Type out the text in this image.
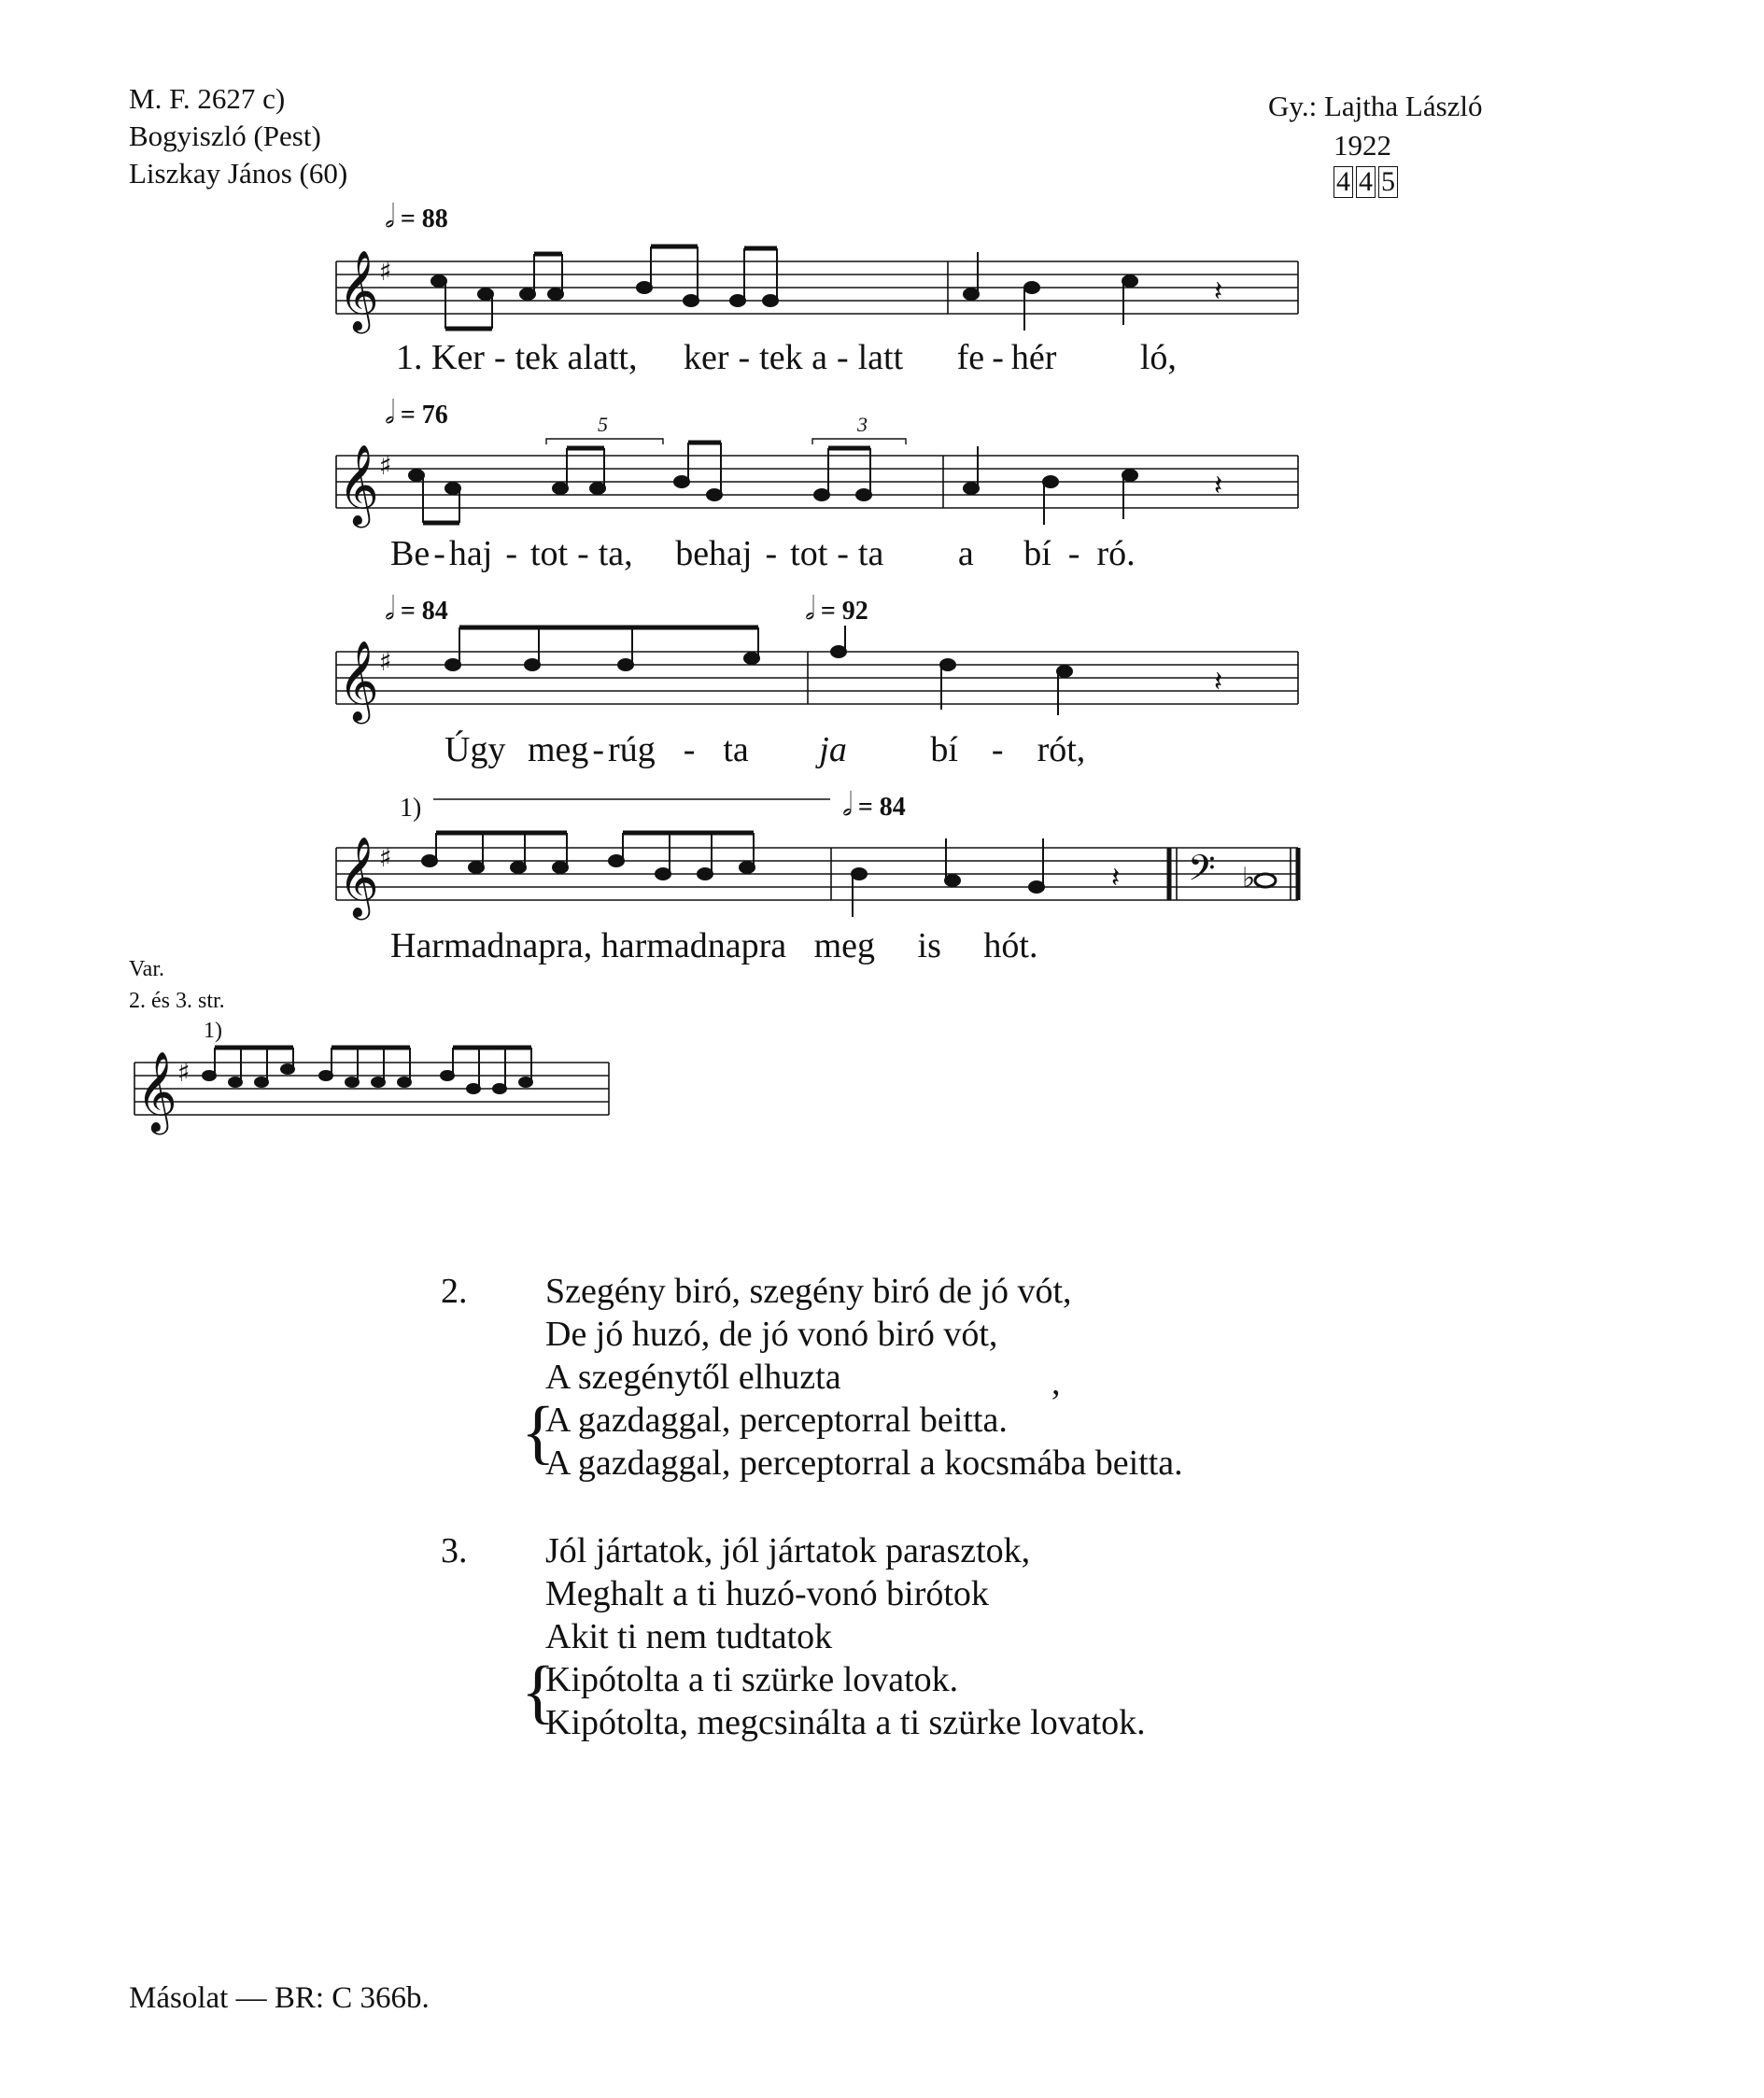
M. F. 2627 c)
Bogyiszló (Pest)
Liszkay János (60)
Gy.: Lajtha László
1922
4 4 5
𝅗𝅥 = 88
𝄞 ♯
𝄽
1. Ker - tek alatt, ker - tek a - latt fe - hér ló,
𝅗𝅥 = 76	5	3
𝄞 ♯
𝄽
Be - haj - tot - ta, behaj - tot - ta a bí - ró.
𝅗𝅥 = 84	𝅗𝅥 = 92
𝄞 ♯
𝄽
Úgy meg - rúg - ta ja bí - rót,
1)	𝅗𝅥 = 84
𝄞 ♯
𝄽 𝄢 ♭
Harmadnapra, harmadnapra meg is hót.
Var.
2. és 3. str.
1)
𝄞 ♯
2. Szegény biró, szegény biró de jó vót,
De jó huzó, de jó vonó biró vót,
A szegénytől elhuzta	,
{
A gazdaggal, perceptorral beitta.
A gazdaggal, perceptorral a kocsmába beitta.
3. Jól jártatok, jól jártatok parasztok,
Meghalt a ti huzó-vonó birótok
Akit ti nem tudtatok
{
Kipótolta a ti szürke lovatok.
Kipótolta, megcsinálta a ti szürke lovatok.
Másolat — BR: C 366b.
